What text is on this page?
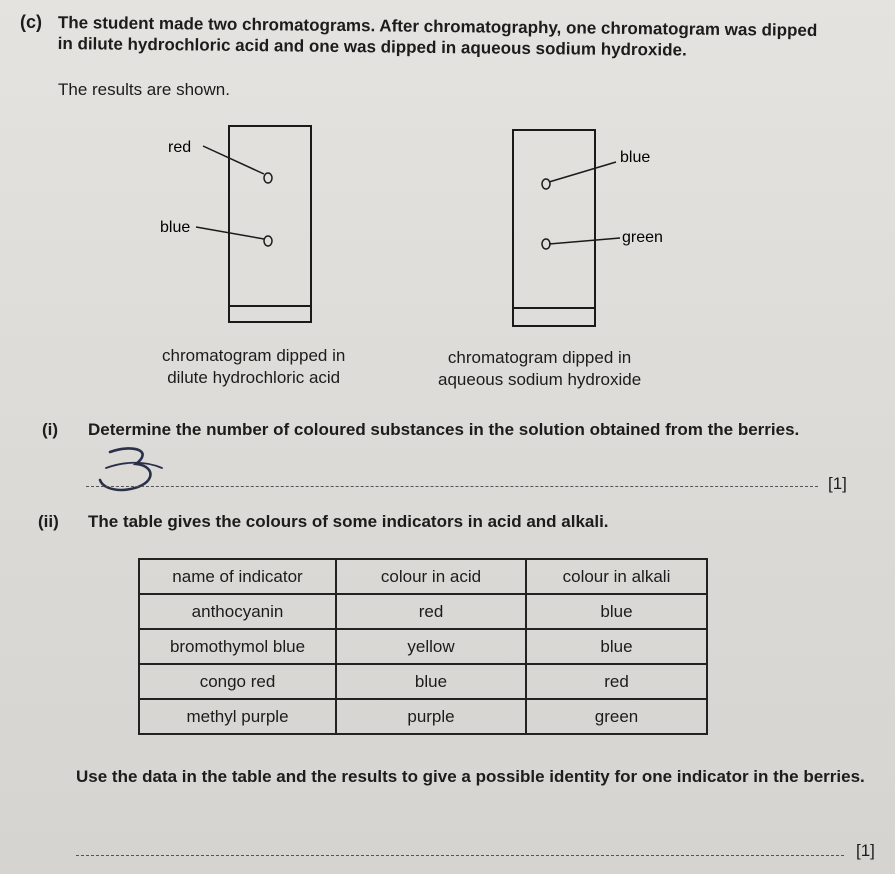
(c) The student made two chromatograms. After chromatography, one chromatogram was dipped
in dilute hydrochloric acid and one was dipped in aqueous sodium hydroxide.
The results are shown.
red
blue
blue
green
chromatogram dipped in
dilute hydrochloric acid
chromatogram dipped in
aqueous sodium hydroxide
(i) Determine the number of coloured substances in the solution obtained from the berries.
[1]
(ii) The table gives the colours of some indicators in acid and alkali.
name of indicator	colour in acid	colour in alkali
anthocyanin	red	blue
bromothymol blue	yellow	blue
congo red	blue	red
methyl purple	purple	green
Use the data in the table and the results to give a possible identity for one indicator in the berries.
[1]
